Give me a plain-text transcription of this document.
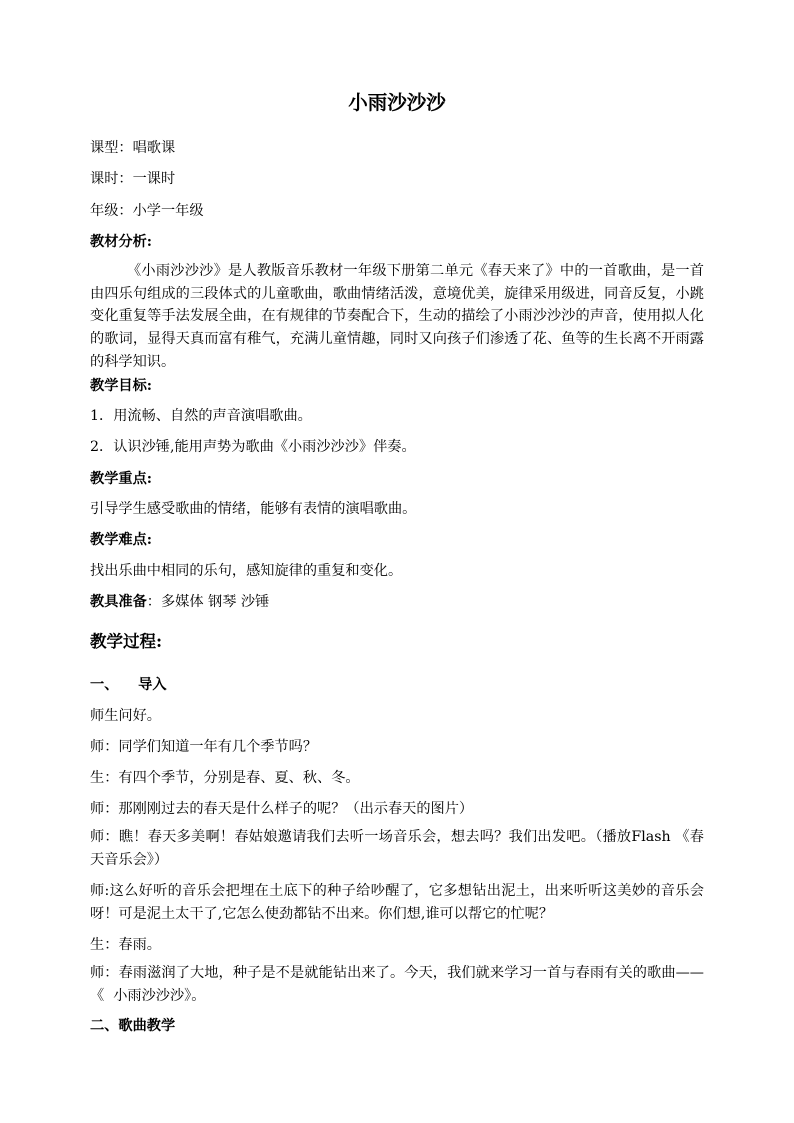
小雨沙沙沙
课型：唱歌课
课时：一课时
年级：小学一年级
教材分析:
《小雨沙沙沙》是人教版音乐教材一年级下册第二单元《春天来了》中的一首歌曲，是一首由四乐句组成的三段体式的儿童歌曲，歌曲情绪活泼，意境优美，旋律采用级进，同音反复，小跳变化重复等手法发展全曲，在有规律的节奏配合下，生动的描绘了小雨沙沙沙的声音，使用拟人化的歌词，显得天真而富有稚气，充满儿童情趣，同时又向孩子们渗透了花、鱼等的生长离不开雨露的科学知识。
教学目标:
1．用流畅、自然的声音演唱歌曲。
2．认识沙锤,能用声势为歌曲《小雨沙沙沙》伴奏。
教学重点:
引导学生感受歌曲的情绪，能够有表情的演唱歌曲。
教学难点:
找出乐曲中相同的乐句，感知旋律的重复和变化。
教具准备：多媒体 钢琴 沙锤
教学过程:
一、    导入
师生问好。
师：同学们知道一年有几个季节吗？
生：有四个季节，分别是春、夏、秋、冬。
师：那刚刚过去的春天是什么样子的呢？（出示春天的图片）
师：瞧！春天多美啊！春姑娘邀请我们去听一场音乐会，想去吗？我们出发吧。（播放Flash 《春天音乐会》）
师:这么好听的音乐会把埋在土底下的种子给吵醒了，它多想钻出泥土，出来听听这美妙的音乐会呀！可是泥土太干了,它怎么使劲都钻不出来。你们想,谁可以帮它的忙呢？
生：春雨。
师：春雨滋润了大地，种子是不是就能钻出来了。今天，我们就来学习一首与春雨有关的歌曲——《  小雨沙沙沙》。
二、歌曲教学
